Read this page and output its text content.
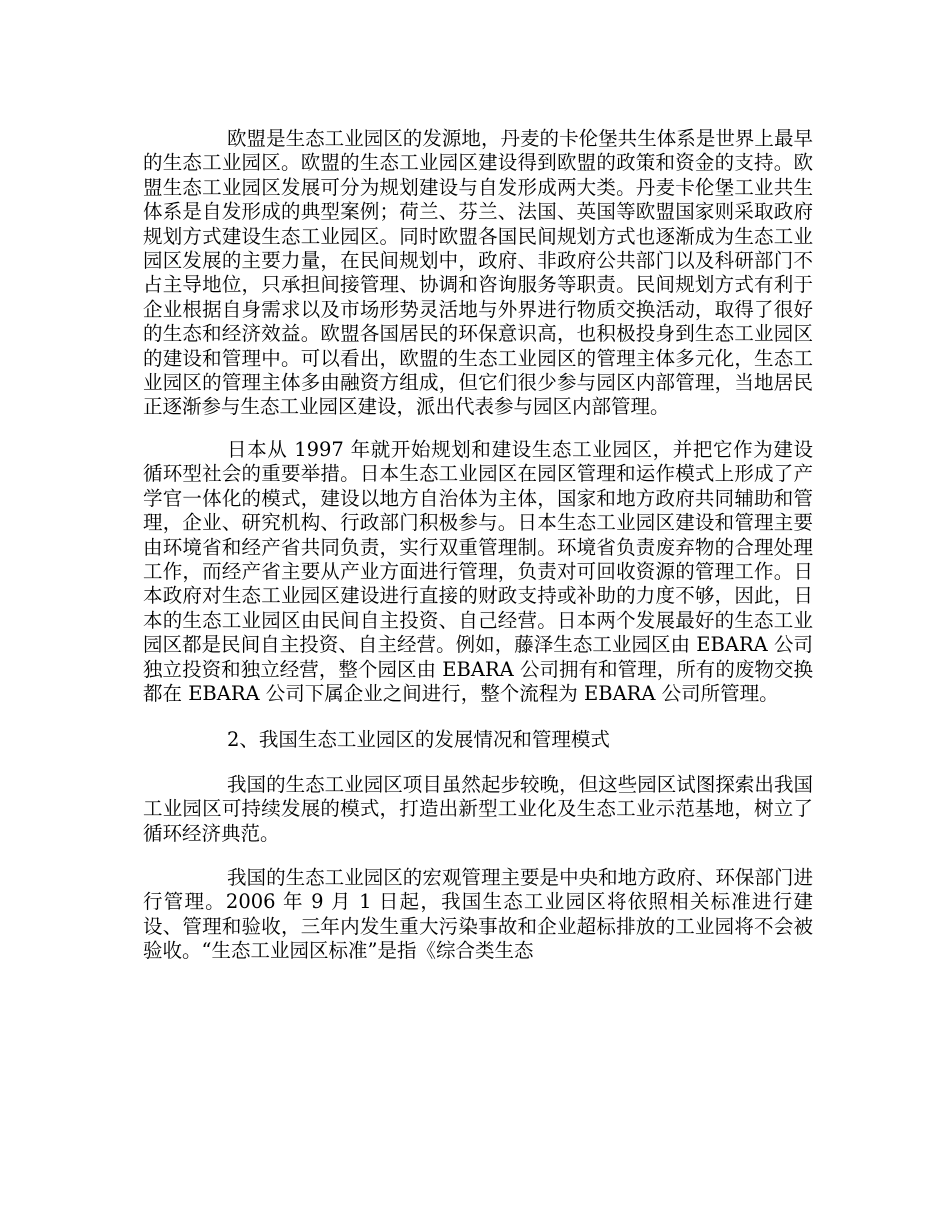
欧盟是生态工业园区的发源地，丹麦的卡伦堡共生体系是世界上最早的生态工业园区。欧盟的生态工业园区建设得到欧盟的政策和资金的支持。欧盟生态工业园区发展可分为规划建设与自发形成两大类。丹麦卡伦堡工业共生体系是自发形成的典型案例；荷兰、芬兰、法国、英国等欧盟国家则采取政府规划方式建设生态工业园区。同时欧盟各国民间规划方式也逐渐成为生态工业园区发展的主要力量，在民间规划中，政府、非政府公共部门以及科研部门不占主导地位，只承担间接管理、协调和咨询服务等职责。民间规划方式有利于企业根据自身需求以及市场形势灵活地与外界进行物质交换活动，取得了很好的生态和经济效益。欧盟各国居民的环保意识高，也积极投身到生态工业园区的建设和管理中。可以看出，欧盟的生态工业园区的管理主体多元化，生态工业园区的管理主体多由融资方组成，但它们很少参与园区内部管理，当地居民正逐渐参与生态工业园区建设，派出代表参与园区内部管理。

日本从 1997 年就开始规划和建设生态工业园区，并把它作为建设循环型社会的重要举措。日本生态工业园区在园区管理和运作模式上形成了产学官一体化的模式，建设以地方自治体为主体，国家和地方政府共同辅助和管理，企业、研究机构、行政部门积极参与。日本生态工业园区建设和管理主要由环境省和经产省共同负责，实行双重管理制。环境省负责废弃物的合理处理工作，而经产省主要从产业方面进行管理，负责对可回收资源的管理工作。日本政府对生态工业园区建设进行直接的财政支持或补助的力度不够，因此，日本的生态工业园区由民间自主投资、自己经营。日本两个发展最好的生态工业园区都是民间自主投资、自主经营。例如，藤泽生态工业园区由 EBARA 公司独立投资和独立经营，整个园区由 EBARA 公司拥有和管理，所有的废物交换都在 EBARA 公司下属企业之间进行，整个流程为 EBARA 公司所管理。

2、我国生态工业园区的发展情况和管理模式

我国的生态工业园区项目虽然起步较晚，但这些园区试图探索出我国工业园区可持续发展的模式，打造出新型工业化及生态工业示范基地，树立了循环经济典范。

我国的生态工业园区的宏观管理主要是中央和地方政府、环保部门进行管理。2006 年 9 月 1 日起，我国生态工业园区将依照相关标准进行建设、管理和验收，三年内发生重大污染事故和企业超标排放的工业园将不会被验收。“生态工业园区标准”是指《综合类生态
